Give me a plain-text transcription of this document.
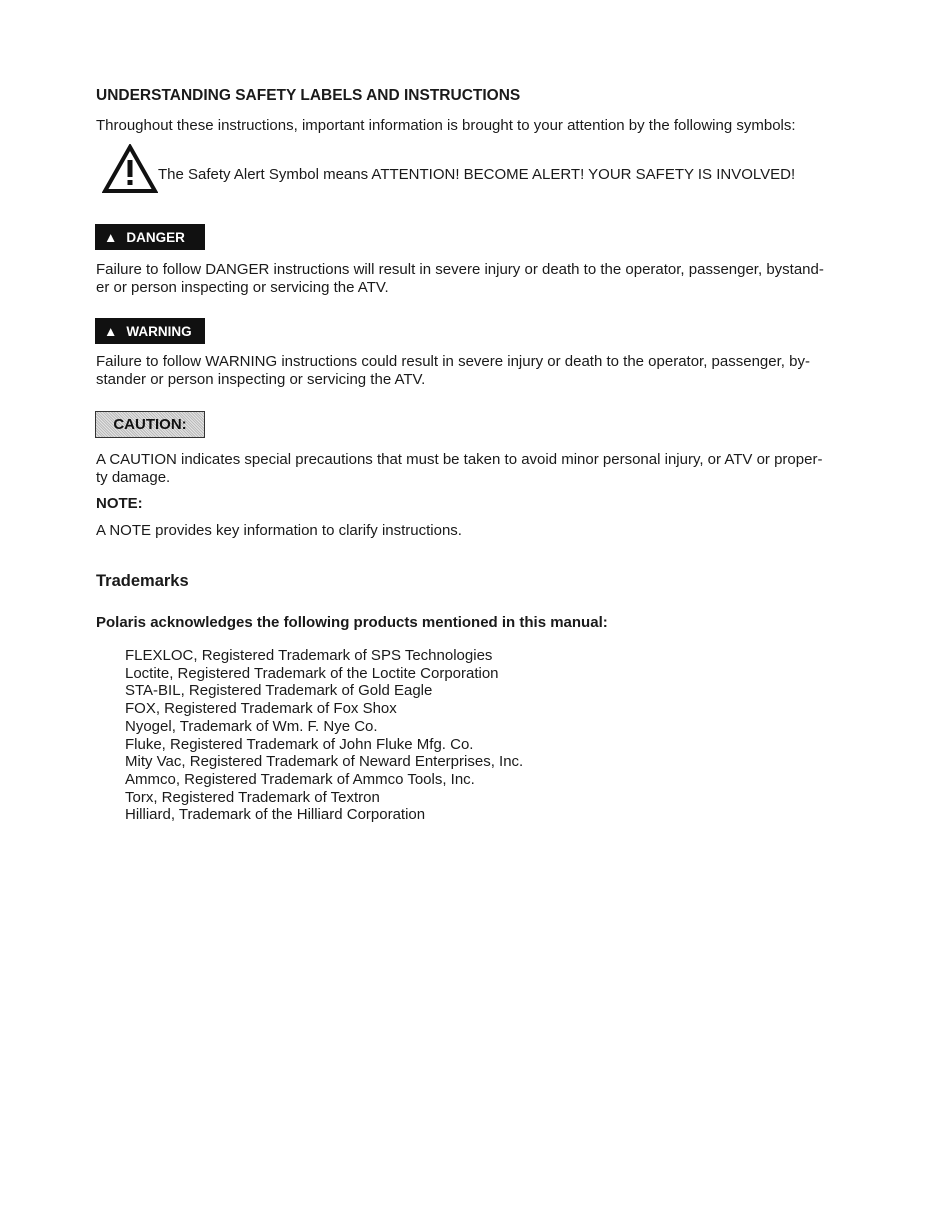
UNDERSTANDING SAFETY LABELS AND INSTRUCTIONS
Throughout these instructions, important information is brought to your attention by the following symbols:
The Safety Alert Symbol means ATTENTION! BECOME ALERT! YOUR SAFETY IS INVOLVED!
▲ DANGER
Failure to follow DANGER instructions will result in severe injury or death to the operator, passenger, bystand-
er or person inspecting or servicing the ATV.
▲ WARNING
Failure to follow WARNING instructions could result in severe injury or death to the operator, passenger, by-
stander or person inspecting or servicing the ATV.
CAUTION:
A CAUTION indicates special precautions that must be taken to avoid minor personal injury, or ATV or proper-
ty damage.
NOTE:
A NOTE provides key information to clarify instructions.
Trademarks
Polaris acknowledges the following products mentioned in this manual:
FLEXLOC, Registered Trademark of SPS Technologies
Loctite, Registered Trademark of the Loctite Corporation
STA-BIL, Registered Trademark of Gold Eagle
FOX, Registered Trademark of Fox Shox
Nyogel, Trademark of Wm. F. Nye Co.
Fluke, Registered Trademark of John Fluke Mfg. Co.
Mity Vac, Registered Trademark of Neward Enterprises, Inc.
Ammco, Registered Trademark of Ammco Tools, Inc.
Torx, Registered Trademark of Textron
Hilliard, Trademark of the Hilliard Corporation
